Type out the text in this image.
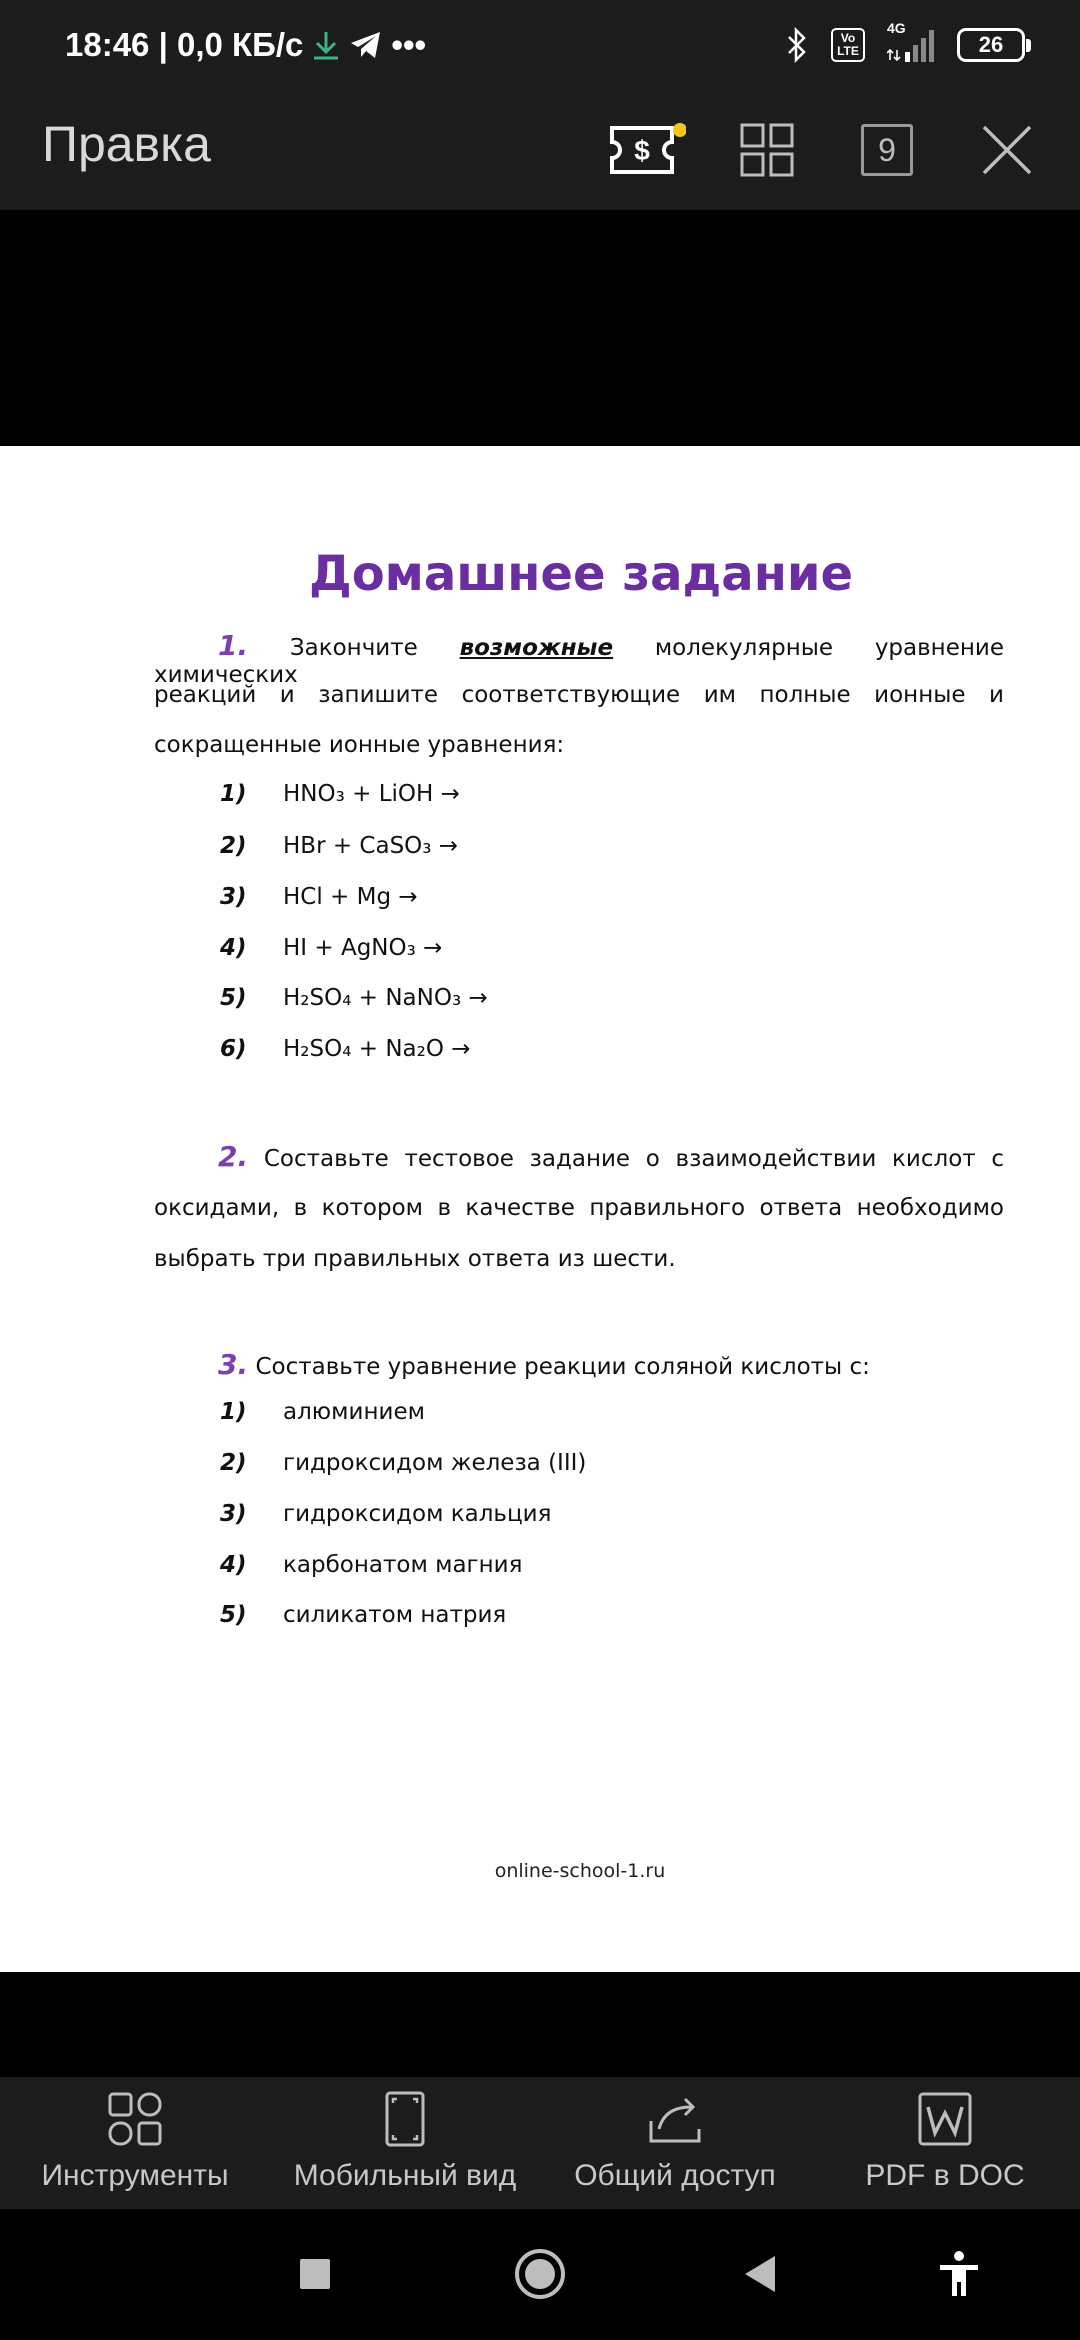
18:46 | 0,0 КБ/с	•••	Vo LTE
4G
26
Правка	$	9
Домашнее задание
1. Закончите возможные молекулярные уравнение химических
реакций и запишите соответствующие им полные ионные и
сокращенные ионные уравнения:
1) HNO₃ + LiOH →
2) HBr + CaSO₃ →
3) HCl + Mg →
4) HI + AgNO₃ →
5) H₂SO₄ + NaNO₃ →
6) H₂SO₄ + Na₂O →
2. Составьте тестовое задание о взаимодействии кислот с
оксидами, в котором в качестве правильного ответа необходимо
выбрать три правильных ответа из шести.
3. Составьте уравнение реакции соляной кислоты с:
1) алюминием
2) гидроксидом железа (III)
3) гидроксидом кальция
4) карбонатом магния
5) силикатом натрия
online-school-1.ru
Инструменты Мобильный вид Общий доступ	PDF в DOC
